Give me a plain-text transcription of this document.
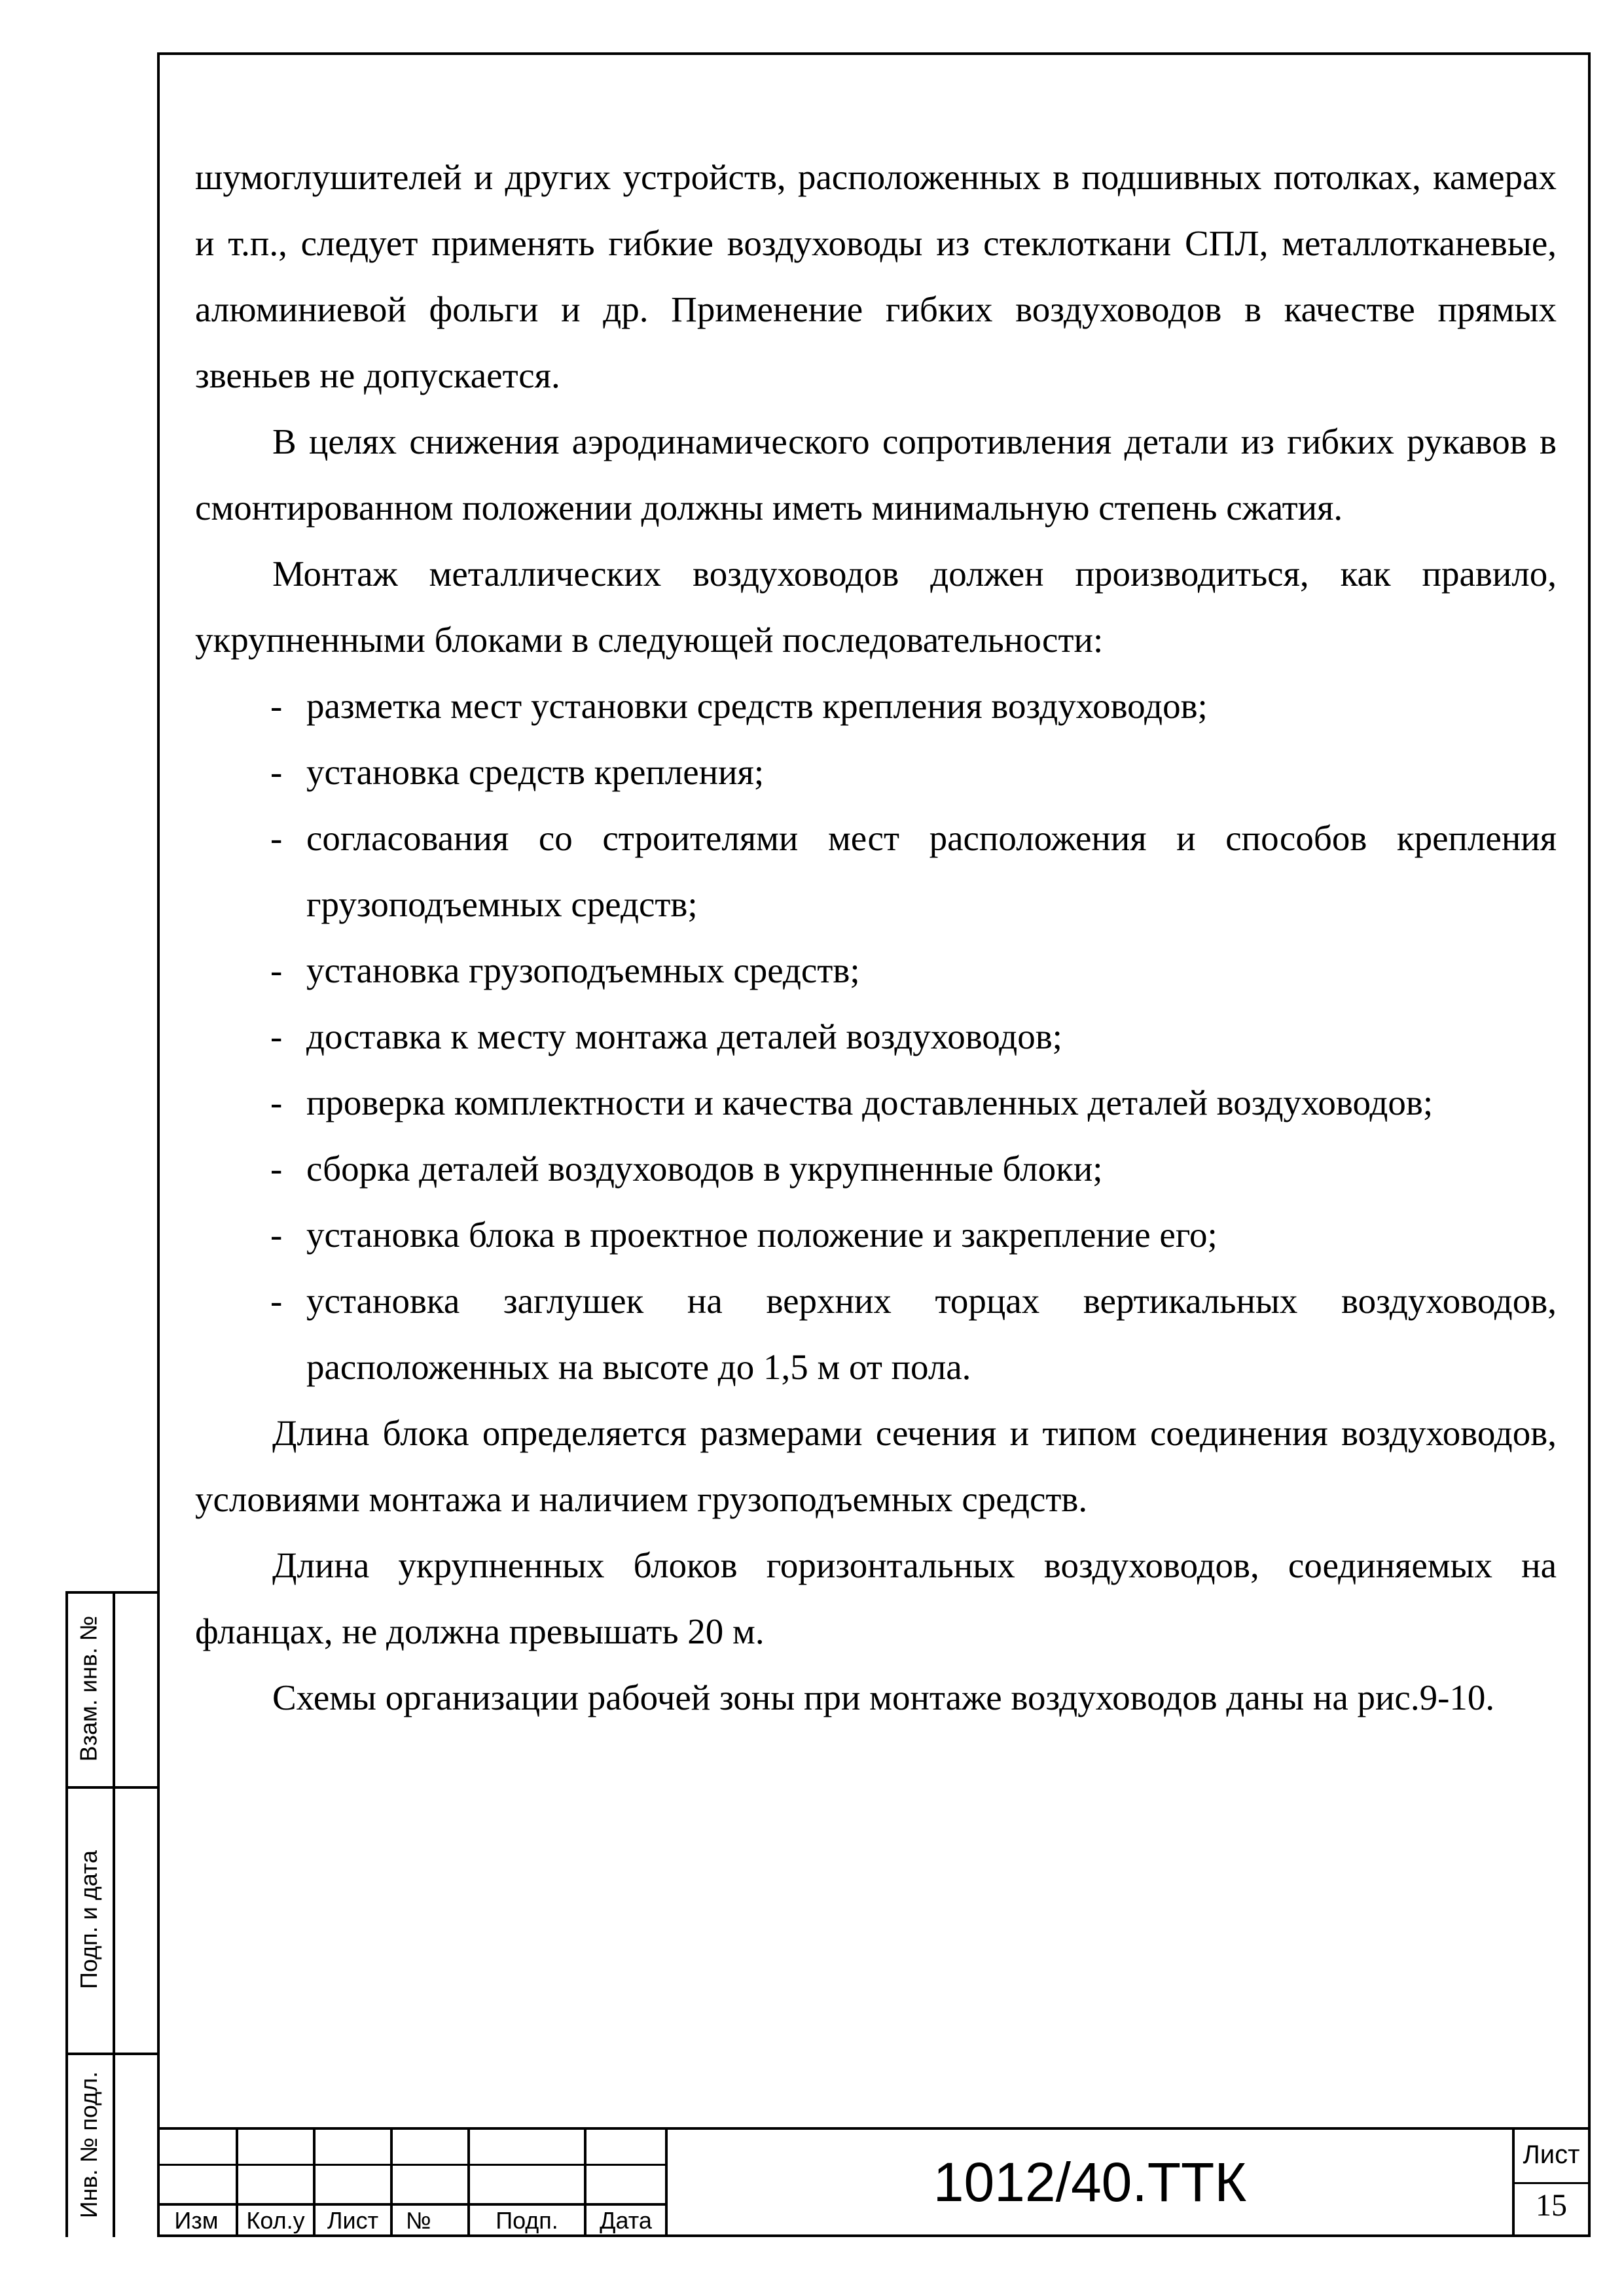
шумоглушителей и других устройств, расположенных в подшивных потолках, камерах и т.п., следует применять гибкие воздуховоды из стеклоткани СПЛ, металлотканевые, алюминиевой фольги и др. Применение гибких воздуховодов в качестве прямых звеньев не допускается.

В целях снижения аэродинамического сопротивления детали из гибких рукавов в смонтированном положении должны иметь минимальную степень сжатия.

Монтаж металлических воздуховодов должен производиться, как правило, укрупненными блоками в следующей последовательности:

- разметка мест установки средств крепления воздуховодов;
- установка средств крепления;
- согласования со строителями мест расположения и способов крепления грузоподъемных средств;
- установка грузоподъемных средств;
- доставка к месту монтажа деталей воздуховодов;
- проверка комплектности и качества доставленных деталей воздуховодов;
- сборка деталей воздуховодов в укрупненные блоки;
- установка блока в проектное положение и закрепление его;
- установка заглушек на верхних торцах вертикальных воздуховодов, расположенных на высоте до 1,5 м от пола.

Длина блока определяется размерами сечения и типом соединения воздуховодов, условиями монтажа и наличием грузоподъемных средств.

Длина укрупненных блоков горизонтальных воздуховодов, соединяемых на фланцах, не должна превышать 20 м.

Схемы организации рабочей зоны при монтаже воздуховодов даны на рис.9-10.

Взам. инв. №
Подп. и дата
Инв. № подл.
Изм	Кол.у Лист	№	Подп.	Дата
1012/40.ТТК	Лист
15
